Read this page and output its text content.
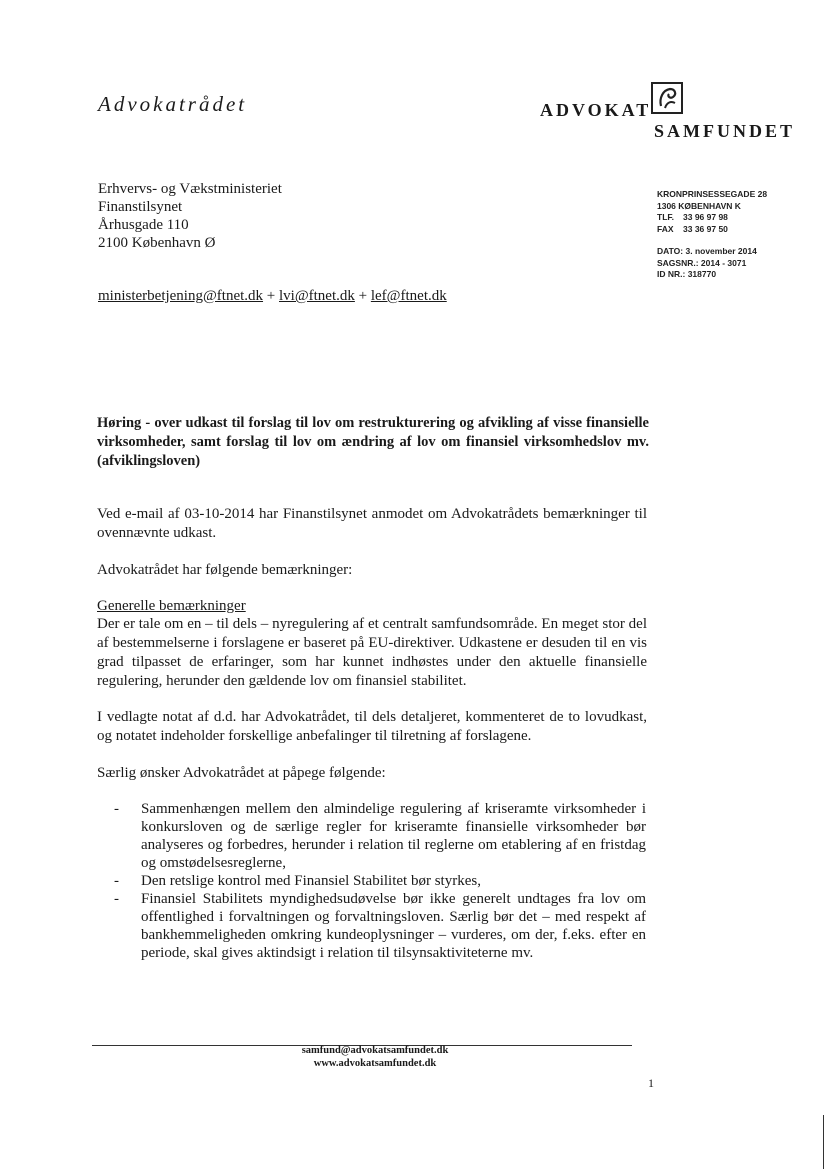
Advokatrådet	ADVOKAT
SAMFUNDET
Erhvervs- og Vækstministeriet
Finanstilsynet
Århusgade 110
2100 København Ø
ministerbetjening@ftnet.dk + lvi@ftnet.dk + lef@ftnet.dk
KRONPRINSESSEGADE 28
1306 KØBENHAVN K
TLF. 33 96 97 98
FAX 33 36 97 50
DATO: 3. november 2014
SAGSNR.: 2014 - 3071
ID NR.: 318770
Høring - over udkast til forslag til lov om restrukturering og afvikling af visse finansielle virksomheder, samt forslag til lov om ændring af lov om finansiel virksomhedslov mv. (afviklingsloven)
Ved e-mail af 03-10-2014 har Finanstilsynet anmodet om Advokatrådets bemærkninger til ovennævnte udkast.
Advokatrådet har følgende bemærkninger:
Generelle bemærkninger
Der er tale om en – til dels – nyregulering af et centralt samfundsområde. En meget stor del af bestemmelserne i forslagene er baseret på EU-direktiver. Udkastene er desuden til en vis grad tilpasset de erfaringer, som har kunnet indhøstes under den aktuelle finansielle regulering, herunder den gældende lov om finansiel stabilitet.
I vedlagte notat af d.d. har Advokatrådet, til dels detaljeret, kommenteret de to lovudkast, og notatet indeholder forskellige anbefalinger til tilretning af forslagene.
Særlig ønsker Advokatrådet at påpege følgende:
-	Sammenhængen mellem den almindelige regulering af kriseramte virksomheder i konkursloven og de særlige regler for kriseramte finansielle virksomheder bør analyseres og forbedres, herunder i relation til reglerne om etablering af en fristdag og omstødelsesreglerne,
-	Den retslige kontrol med Finansiel Stabilitet bør styrkes,
-	Finansiel Stabilitets myndighedsudøvelse bør ikke generelt undtages fra lov om offentlighed i forvaltningen og forvaltningsloven. Særlig bør det – med respekt af bankhemmeligheden omkring kundeoplysninger – vurderes, om der, f.eks. efter en periode, skal gives aktindsigt i relation til tilsynsaktiviteterne mv.
samfund@advokatsamfundet.dk
www.advokatsamfundet.dk
1
